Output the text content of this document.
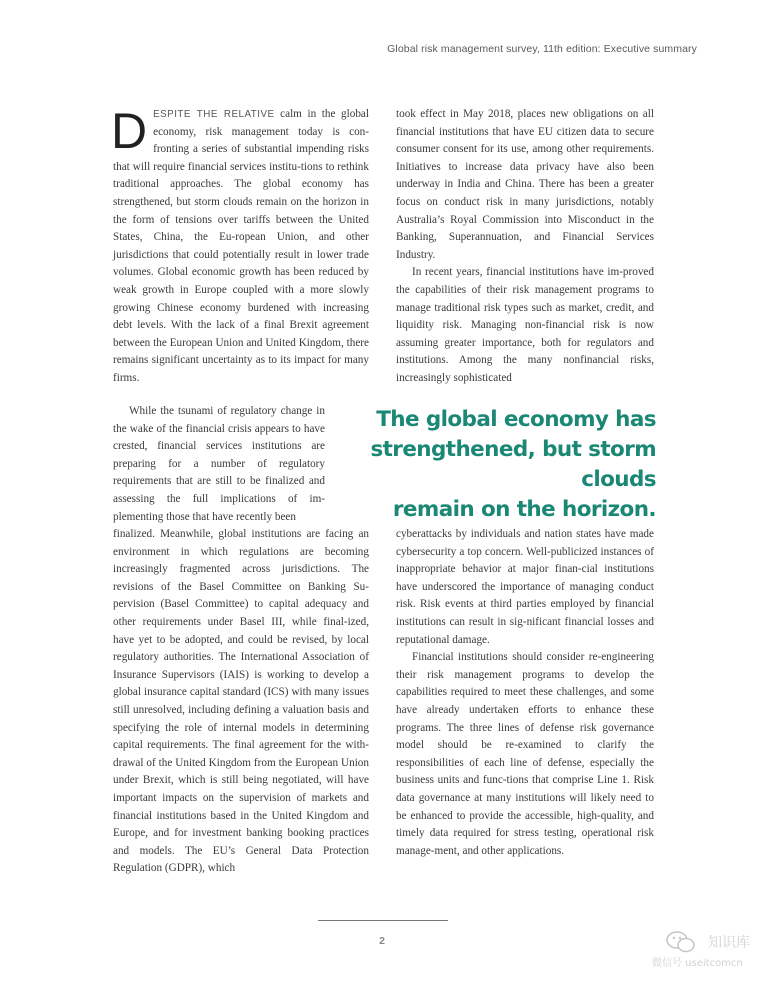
Global risk management survey, 11th edition: Executive summary

DESPITE THE RELATIVE calm in the global economy, risk management today is con-fronting a series of substantial impending risks that will require financial services institu-tions to rethink traditional approaches. The global economy has strengthened, but storm clouds remain on the horizon in the form of tensions over tariffs between the United States, China, the Eu-ropean Union, and other jurisdictions that could potentially result in lower trade volumes. Global economic growth has been reduced by weak growth in Europe coupled with a more slowly growing Chinese economy burdened with increasing debt levels. With the lack of a final Brexit agreement between the European Union and United Kingdom, there remains significant uncertainty as to its impact for many firms.

While the tsunami of regulatory change in the wake of the financial crisis appears to have crested, financial services institutions are preparing for a number of regulatory requirements that are still to be finalized and assessing the full implications of im-plementing those that have recently been

finalized. Meanwhile, global institutions are facing an environment in which regulations are becoming increasingly fragmented across jurisdictions. The revisions of the Basel Committee on Banking Su-pervision (Basel Committee) to capital adequacy and other requirements under Basel III, while final-ized, have yet to be adopted, and could be revised, by local regulatory authorities. The International Association of Insurance Supervisors (IAIS) is working to develop a global insurance capital standard (ICS) with many issues still unresolved, including defining a valuation basis and specifying the role of internal models in determining capital requirements. The final agreement for the with-drawal of the United Kingdom from the European Union under Brexit, which is still being negotiated, will have important impacts on the supervision of markets and financial institutions based in the United Kingdom and Europe, and for investment banking booking practices and models. The EU’s General Data Protection Regulation (GDPR), which

took effect in May 2018, places new obligations on all financial institutions that have EU citizen data to secure consumer consent for its use, among other requirements. Initiatives to increase data privacy have also been underway in India and China. There has been a greater focus on conduct risk in many jurisdictions, notably Australia’s Royal Commission into Misconduct in the Banking, Superannuation, and Financial Services Industry.

In recent years, financial institutions have im-proved the capabilities of their risk management programs to manage traditional risk types such as market, credit, and liquidity risk. Managing non-financial risk is now assuming greater importance, both for regulators and institutions. Among the many nonfinancial risks, increasingly sophisticated

The global economy has
strengthened, but storm clouds
remain on the horizon.

cyberattacks by individuals and nation states have made cybersecurity a top concern. Well-publicized instances of inappropriate behavior at major finan-cial institutions have underscored the importance of managing conduct risk. Risk events at third parties employed by financial institutions can result in sig-nificant financial losses and reputational damage.

Financial institutions should consider re-engineering their risk management programs to develop the capabilities required to meet these challenges, and some have already undertaken efforts to enhance these programs. The three lines of defense risk governance model should be re-examined to clarify the responsibilities of each line of defense, especially the business units and func-tions that comprise Line 1. Risk data governance at many institutions will likely need to be enhanced to provide the accessible, high-quality, and timely data required for stress testing, operational risk manage-ment, and other applications.

2	知识库
微信号 useitcomcn
